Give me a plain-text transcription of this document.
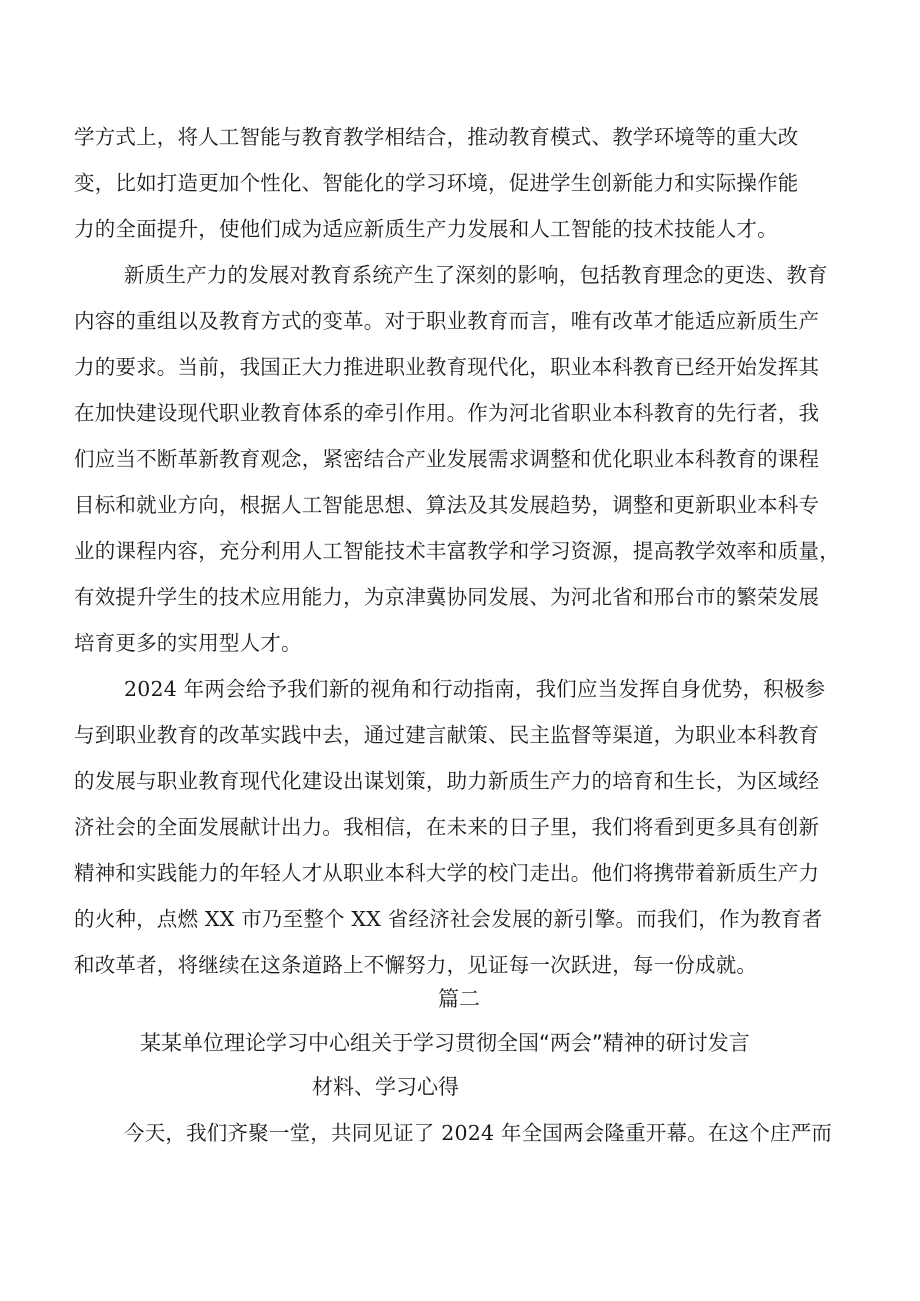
学方式上，将人工智能与教育教学相结合，推动教育模式、教学环境等的重大改
变，比如打造更加个性化、智能化的学习环境，促进学生创新能力和实际操作能
力的全面提升，使他们成为适应新质生产力发展和人工智能的技术技能人才。
新质生产力的发展对教育系统产生了深刻的影响，包括教育理念的更迭、教育
内容的重组以及教育方式的变革。对于职业教育而言，唯有改革才能适应新质生产
力的要求。当前，我国正大力推进职业教育现代化，职业本科教育已经开始发挥其
在加快建设现代职业教育体系的牵引作用。作为河北省职业本科教育的先行者，我
们应当不断革新教育观念，紧密结合产业发展需求调整和优化职业本科教育的课程
目标和就业方向，根据人工智能思想、算法及其发展趋势，调整和更新职业本科专
业的课程内容，充分利用人工智能技术丰富教学和学习资源，提高教学效率和质量，
有效提升学生的技术应用能力，为京津冀协同发展、为河北省和邢台市的繁荣发展
培育更多的实用型人才。
2024 年两会给予我们新的视角和行动指南，我们应当发挥自身优势，积极参
与到职业教育的改革实践中去，通过建言献策、民主监督等渠道，为职业本科教育
的发展与职业教育现代化建设出谋划策，助力新质生产力的培育和生长，为区域经
济社会的全面发展献计出力。我相信，在未来的日子里，我们将看到更多具有创新
精神和实践能力的年轻人才从职业本科大学的校门走出。他们将携带着新质生产力
的火种，点燃 XX 市乃至整个 XX 省经济社会发展的新引擎。而我们，作为教育者
和改革者，将继续在这条道路上不懈努力，见证每一次跃进，每一份成就。
篇二
某某单位理论学习中心组关于学习贯彻全国“两会”精神的研讨发言
材料、学习心得
今天，我们齐聚一堂，共同见证了 2024 年全国两会隆重开幕。在这个庄严而
